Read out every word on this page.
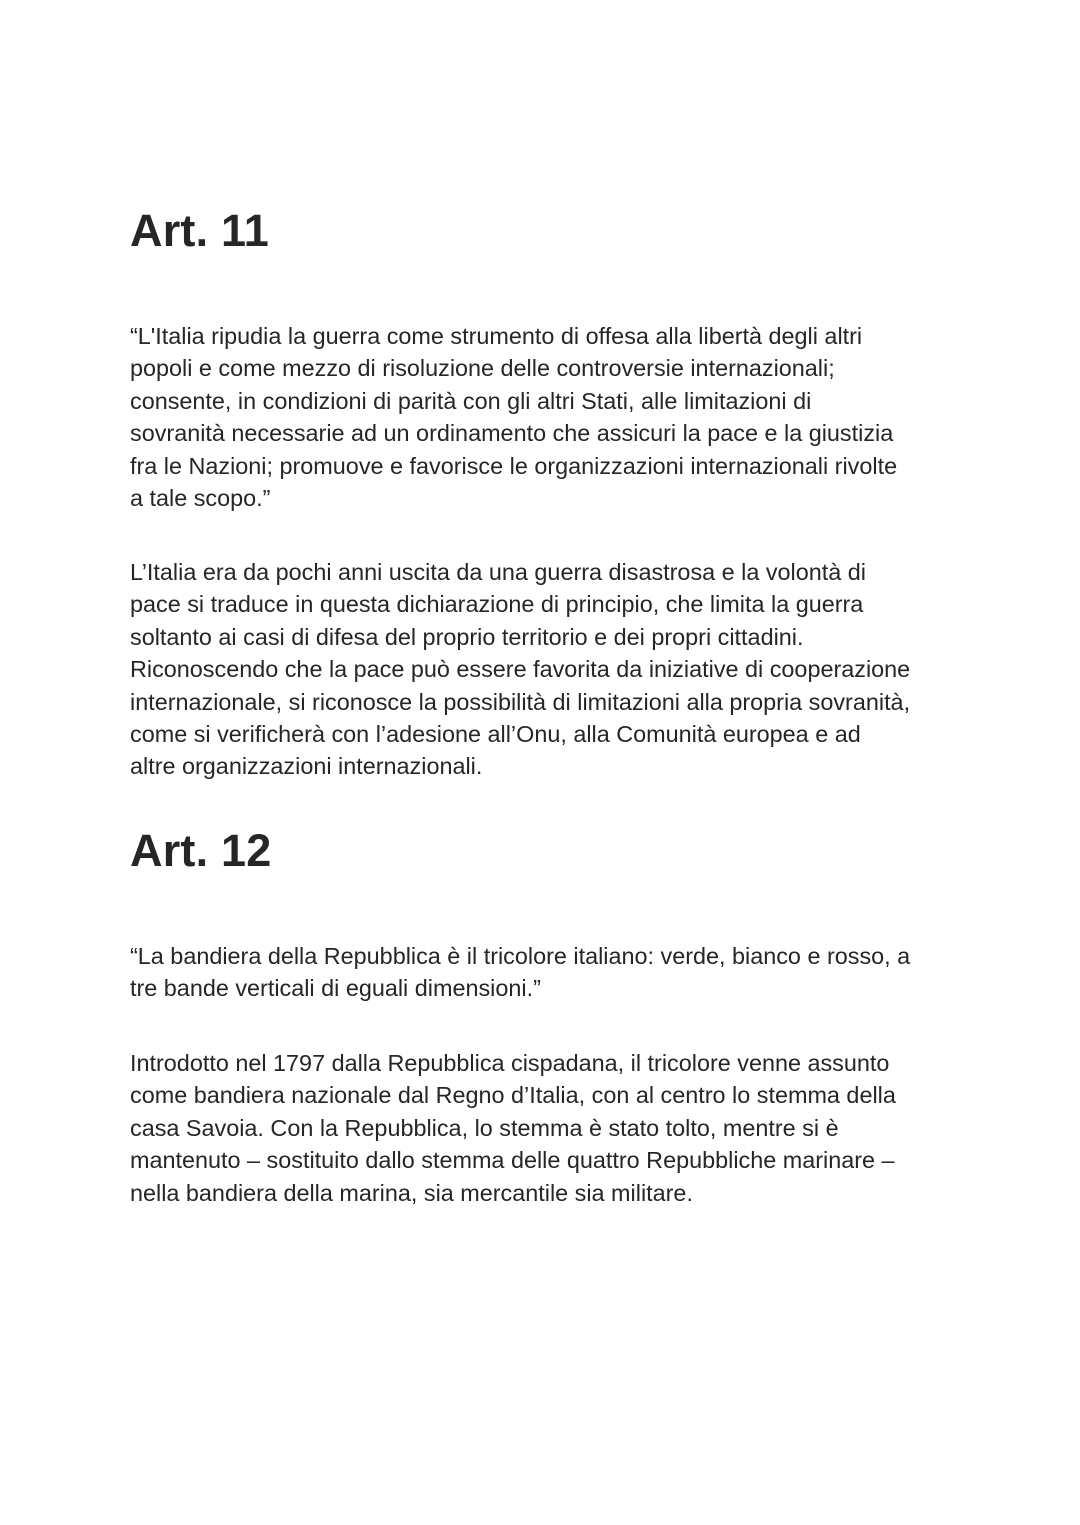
Art. 11

“L'Italia ripudia la guerra come strumento di offesa alla libertà degli altri
popoli e come mezzo di risoluzione delle controversie internazionali;
consente, in condizioni di parità con gli altri Stati, alle limitazioni di
sovranità necessarie ad un ordinamento che assicuri la pace e la giustizia
fra le Nazioni; promuove e favorisce le organizzazioni internazionali rivolte
a tale scopo.”

L’Italia era da pochi anni uscita da una guerra disastrosa e la volontà di
pace si traduce in questa dichiarazione di principio, che limita la guerra
soltanto ai casi di difesa del proprio territorio e dei propri cittadini.
Riconoscendo che la pace può essere favorita da iniziative di cooperazione
internazionale, si riconosce la possibilità di limitazioni alla propria sovranità,
come si verificherà con l’adesione all’Onu, alla Comunità europea e ad
altre organizzazioni internazionali.

Art. 12

“La bandiera della Repubblica è il tricolore italiano: verde, bianco e rosso, a
tre bande verticali di eguali dimensioni.”

Introdotto nel 1797 dalla Repubblica cispadana, il tricolore venne assunto
come bandiera nazionale dal Regno d’Italia, con al centro lo stemma della
casa Savoia. Con la Repubblica, lo stemma è stato tolto, mentre si è
mantenuto – sostituito dallo stemma delle quattro Repubbliche marinare –
nella bandiera della marina, sia mercantile sia militare.
